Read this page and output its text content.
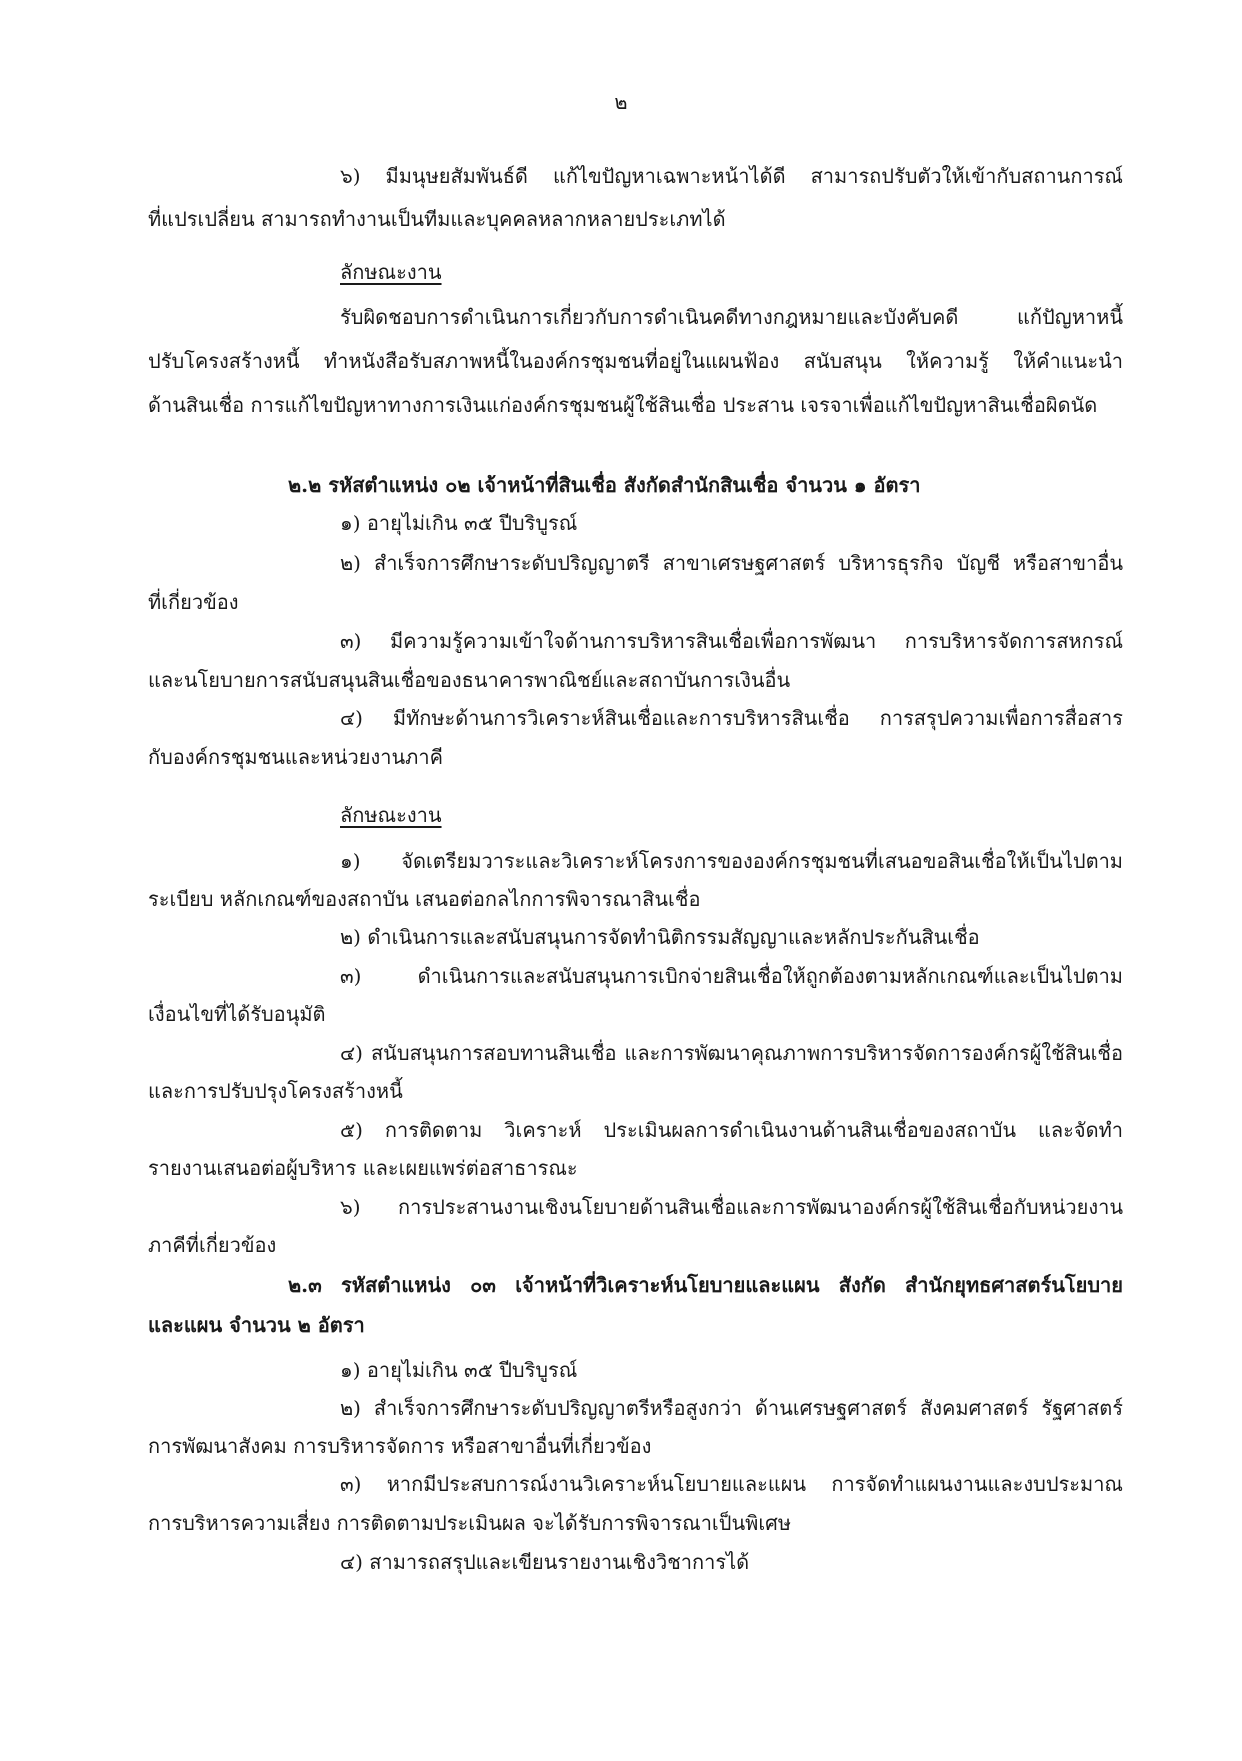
๒
๖) มีมนุษยสัมพันธ์ดี แก้ไขปัญหาเฉพาะหน้าได้ดี สามารถปรับตัวให้เข้ากับสถานการณ์
ที่แปรเปลี่ยน สามารถทำงานเป็นทีมและบุคคลหลากหลายประเภทได้
ลักษณะงาน
รับผิดชอบการดำเนินการเกี่ยวกับการดำเนินคดีทางกฎหมายและบังคับคดี แก้ปัญหาหนี้
ปรับโครงสร้างหนี้ ทำหนังสือรับสภาพหนี้ในองค์กรชุมชนที่อยู่ในแผนฟ้อง สนับสนุน ให้ความรู้ ให้คำแนะนำ
ด้านสินเชื่อ การแก้ไขปัญหาทางการเงินแก่องค์กรชุมชนผู้ใช้สินเชื่อ ประสาน เจรจาเพื่อแก้ไขปัญหาสินเชื่อผิดนัด
๒.๒ รหัสตำแหน่ง ๐๒ เจ้าหน้าที่สินเชื่อ สังกัดสำนักสินเชื่อ จำนวน ๑ อัตรา
๑) อายุไม่เกิน ๓๕ ปีบริบูรณ์
๒) สำเร็จการศึกษาระดับปริญญาตรี สาขาเศรษฐศาสตร์ บริหารธุรกิจ บัญชี หรือสาขาอื่น
ที่เกี่ยวข้อง
๓) มีความรู้ความเข้าใจด้านการบริหารสินเชื่อเพื่อการพัฒนา การบริหารจัดการสหกรณ์
และนโยบายการสนับสนุนสินเชื่อของธนาคารพาณิชย์และสถาบันการเงินอื่น
๔) มีทักษะด้านการวิเคราะห์สินเชื่อและการบริหารสินเชื่อ การสรุปความเพื่อการสื่อสาร
กับองค์กรชุมชนและหน่วยงานภาคี
ลักษณะงาน
๑) จัดเตรียมวาระและวิเคราะห์โครงการขององค์กรชุมชนที่เสนอขอสินเชื่อให้เป็นไปตาม
ระเบียบ หลักเกณฑ์ของสถาบัน เสนอต่อกลไกการพิจารณาสินเชื่อ
๒) ดำเนินการและสนับสนุนการจัดทำนิติกรรมสัญญาและหลักประกันสินเชื่อ
๓) ดำเนินการและสนับสนุนการเบิกจ่ายสินเชื่อให้ถูกต้องตามหลักเกณฑ์และเป็นไปตาม
เงื่อนไขที่ได้รับอนุมัติ
๔) สนับสนุนการสอบทานสินเชื่อ และการพัฒนาคุณภาพการบริหารจัดการองค์กรผู้ใช้สินเชื่อ
และการปรับปรุงโครงสร้างหนี้
๕) การติดตาม วิเคราะห์ ประเมินผลการดำเนินงานด้านสินเชื่อของสถาบัน และจัดทำ
รายงานเสนอต่อผู้บริหาร และเผยแพร่ต่อสาธารณะ
๖) การประสานงานเชิงนโยบายด้านสินเชื่อและการพัฒนาองค์กรผู้ใช้สินเชื่อกับหน่วยงาน
ภาคีที่เกี่ยวข้อง
๒.๓ รหัสตำแหน่ง ๐๓ เจ้าหน้าที่วิเคราะห์นโยบายและแผน สังกัด สำนักยุทธศาสตร์นโยบาย
และแผน จำนวน ๒ อัตรา
๑) อายุไม่เกิน ๓๕ ปีบริบูรณ์
๒) สำเร็จการศึกษาระดับปริญญาตรีหรือสูงกว่า ด้านเศรษฐศาสตร์ สังคมศาสตร์ รัฐศาสตร์
การพัฒนาสังคม การบริหารจัดการ หรือสาขาอื่นที่เกี่ยวข้อง
๓) หากมีประสบการณ์งานวิเคราะห์นโยบายและแผน การจัดทำแผนงานและงบประมาณ
การบริหารความเสี่ยง การติดตามประเมินผล จะได้รับการพิจารณาเป็นพิเศษ
๔) สามารถสรุปและเขียนรายงานเชิงวิชาการได้
